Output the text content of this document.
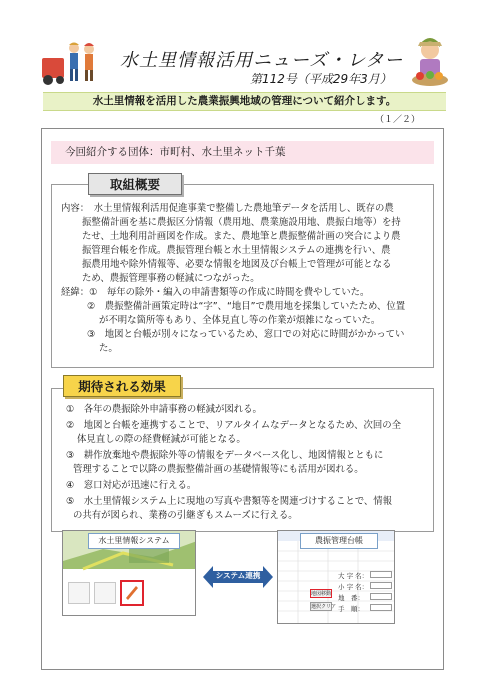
水土里情報活用ニューズ・レター
第112号（平成29年3月）
水土里情報を活用した農業振興地域の管理について紹介します。
（１／２）
今回紹介する団体：市町村、水土里ネット千葉
取組概要
内容：　水土里情報利活用促進事業で整備した農地筆データを活用し、既存の農
振整備計画を基に農振区分情報（農用地、農業施設用地、農振白地等）を持
たせ、土地利用計画図を作成。また、農地筆と農振整備計画の突合により農
振管理台帳を作成。農振管理台帳と水土里情報システムの連携を行い、農
振農用地や除外情報等、必要な情報を地図及び台帳上で管理が可能となる
ため、農振管理事務の軽減につながった。
経緯：①　毎年の除外・編入の申請書類等の作成に時間を費やしていた。
②　農振整備計画策定時は“字”、“地目”で農用地を採集していたため、位置
が不明な箇所等もあり、全体見直し等の作業が煩雑になっていた。
③　地図と台帳が別々になっているため、窓口での対応に時間がかかってい
た。
期待される効果
①　各年の農振除外申請事務の軽減が図れる。
②　地図と台帳を連携することで、リアルタイムなデータとなるため、次回の全
体見直しの際の経費軽減が可能となる。
③　耕作放棄地や農振除外等の情報をデータベース化し、地図情報とともに
管理することで以降の農振整備計画の基礎情報等にも活用が図れる。
④　窓口対応が迅速に行える。
⑤　水土里情報システム上に現地の写真や書類等を関連づけすることで、情報
の共有が図られ、業務の引継ぎもスムーズに行える。
水土里情報システム
システム連携
農振管理台帳
大 字 名：
小 字 名：
地　番：
手　順：
地図移動
選択クリア
